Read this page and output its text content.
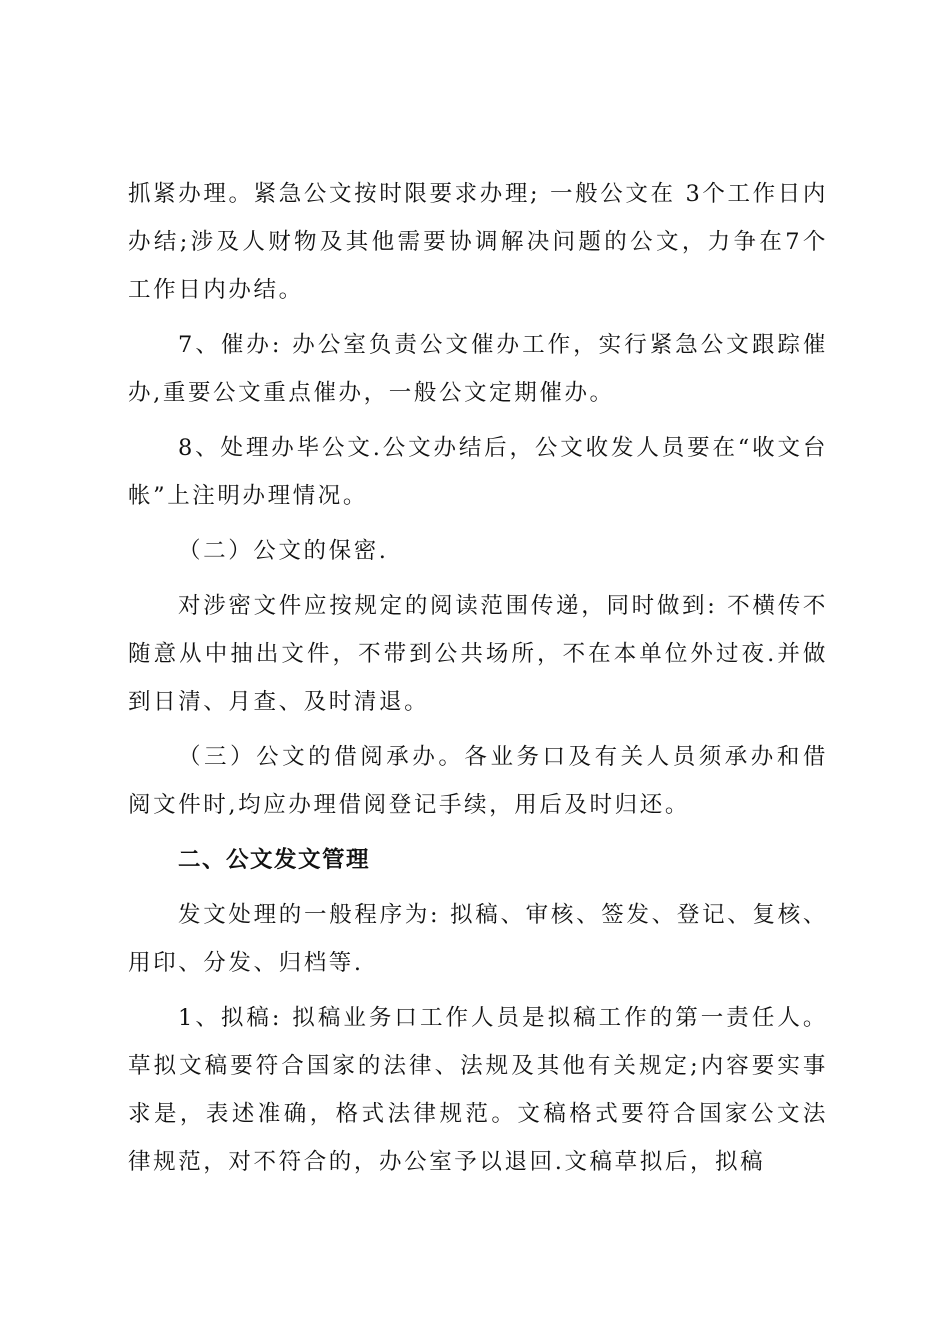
抓紧办理。紧急公文按时限要求办理; 一般公文在 3个工作日内办结;涉及人财物及其他需要协调解决问题的公文，力争在7个工作日内办结。

7、催办: 办公室负责公文催办工作，实行紧急公文跟踪催办,重要公文重点催办，一般公文定期催办。

8、处理办毕公文.公文办结后，公文收发人员要在“收文台帐”上注明办理情况。

（二）公文的保密.

对涉密文件应按规定的阅读范围传递，同时做到: 不横传不随意从中抽出文件，不带到公共场所，不在本单位外过夜.并做到日清、月查、及时清退。

（三）公文的借阅承办。各业务口及有关人员须承办和借阅文件时,均应办理借阅登记手续，用后及时归还。

二、公文发文管理

发文处理的一般程序为: 拟稿、审核、签发、登记、复核、用印、分发、归档等.

1、拟稿: 拟稿业务口工作人员是拟稿工作的第一责任人。草拟文稿要符合国家的法律、法规及其他有关规定;内容要实事求是，表述准确，格式法律规范。文稿格式要符合国家公文法律规范，对不符合的，办公室予以退回.文稿草拟后，拟稿
